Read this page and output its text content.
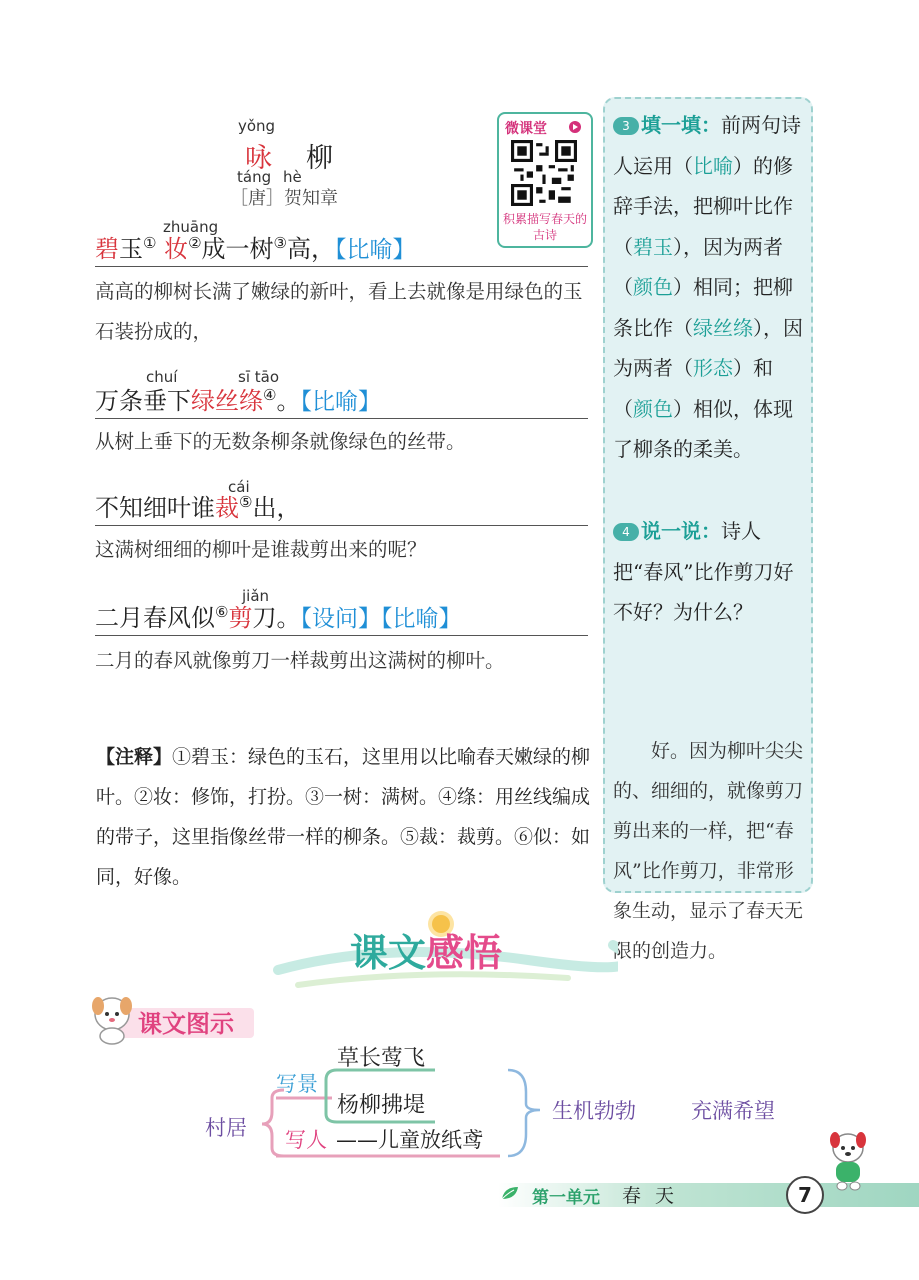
yǒng
咏 柳
táng hè
［唐］贺知章
微课堂
积累描写春天的古诗
zhuāng
碧玉① 妆②成一树③高，【比喻】
高高的柳树长满了嫩绿的新叶，看上去就像是用绿色的玉石装扮成的，
chuí	sī tāo
万条垂下绿丝绦④。【比喻】
从树上垂下的无数条柳条就像绿色的丝带。
cái
不知细叶谁裁⑤出，
这满树细细的柳叶是谁裁剪出来的呢？
jiǎn
二月春风似⑥剪刀。【设问】【比喻】
二月的春风就像剪刀一样裁剪出这满树的柳叶。
【注释】①碧玉：绿色的玉石，这里用以比喻春天嫩绿的柳叶。②妆：修饰，打扮。③一树：满树。④绦：用丝线编成的带子，这里指像丝带一样的柳条。⑤裁：裁剪。⑥似：如同，好像。
3 填一填：前两句诗人运用（比喻）的修辞手法，把柳叶比作（碧玉），因为两者（颜色）相同；把柳条比作（绿丝绦），因为两者（形态）和（颜色）相似，体现了柳条的柔美。
4 说一说：诗人把“春风”比作剪刀好不好？为什么？
好。因为柳叶尖尖的、细细的，就像剪刀剪出来的一样，把“春风”比作剪刀，非常形象生动，显示了春天无限的创造力。
课文感悟
课文图示
村居
写景
草长莺飞
杨柳拂堤
写人 ——儿童放纸鸢
生机勃勃	充满希望
第一单元 春天	7
